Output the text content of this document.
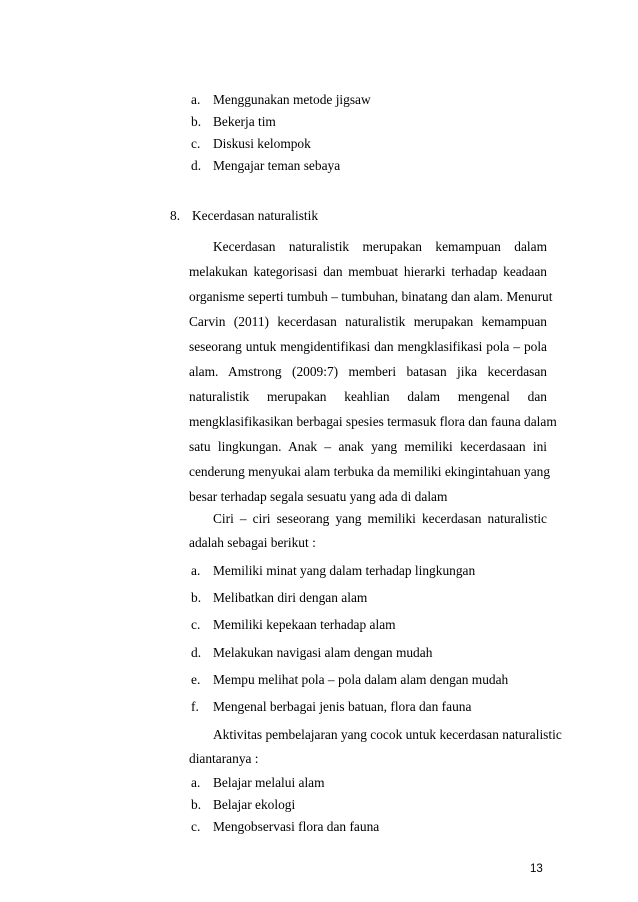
a. Menggunakan metode jigsaw
b. Bekerja tim
c. Diskusi kelompok
d. Mengajar teman sebaya
8. Kecerdasan naturalistik
Kecerdasan naturalistik merupakan kemampuan dalam
melakukan kategorisasi dan membuat hierarki terhadap keadaan
organisme seperti tumbuh – tumbuhan, binatang dan alam. Menurut
Carvin (2011) kecerdasan naturalistik merupakan kemampuan
seseorang untuk mengidentifikasi dan mengklasifikasi pola – pola
alam. Amstrong (2009:7) memberi batasan jika kecerdasan
naturalistik merupakan keahlian dalam mengenal dan
mengklasifikasikan berbagai spesies termasuk flora dan fauna dalam
satu lingkungan. Anak – anak yang memiliki kecerdasaan ini
cenderung menyukai alam terbuka da memiliki ekingintahuan yang
besar terhadap segala sesuatu yang ada di dalam
Ciri – ciri seseorang yang memiliki kecerdasan naturalistic
adalah sebagai berikut :
a. Memiliki minat yang dalam terhadap lingkungan
b. Melibatkan diri dengan alam
c. Memiliki kepekaan terhadap alam
d. Melakukan navigasi alam dengan mudah
e. Mempu melihat pola – pola dalam alam dengan mudah
f. Mengenal berbagai jenis batuan, flora dan fauna
Aktivitas pembelajaran yang cocok untuk kecerdasan naturalistic
diantaranya :
a. Belajar melalui alam
b. Belajar ekologi
c. Mengobservasi flora dan fauna
13
